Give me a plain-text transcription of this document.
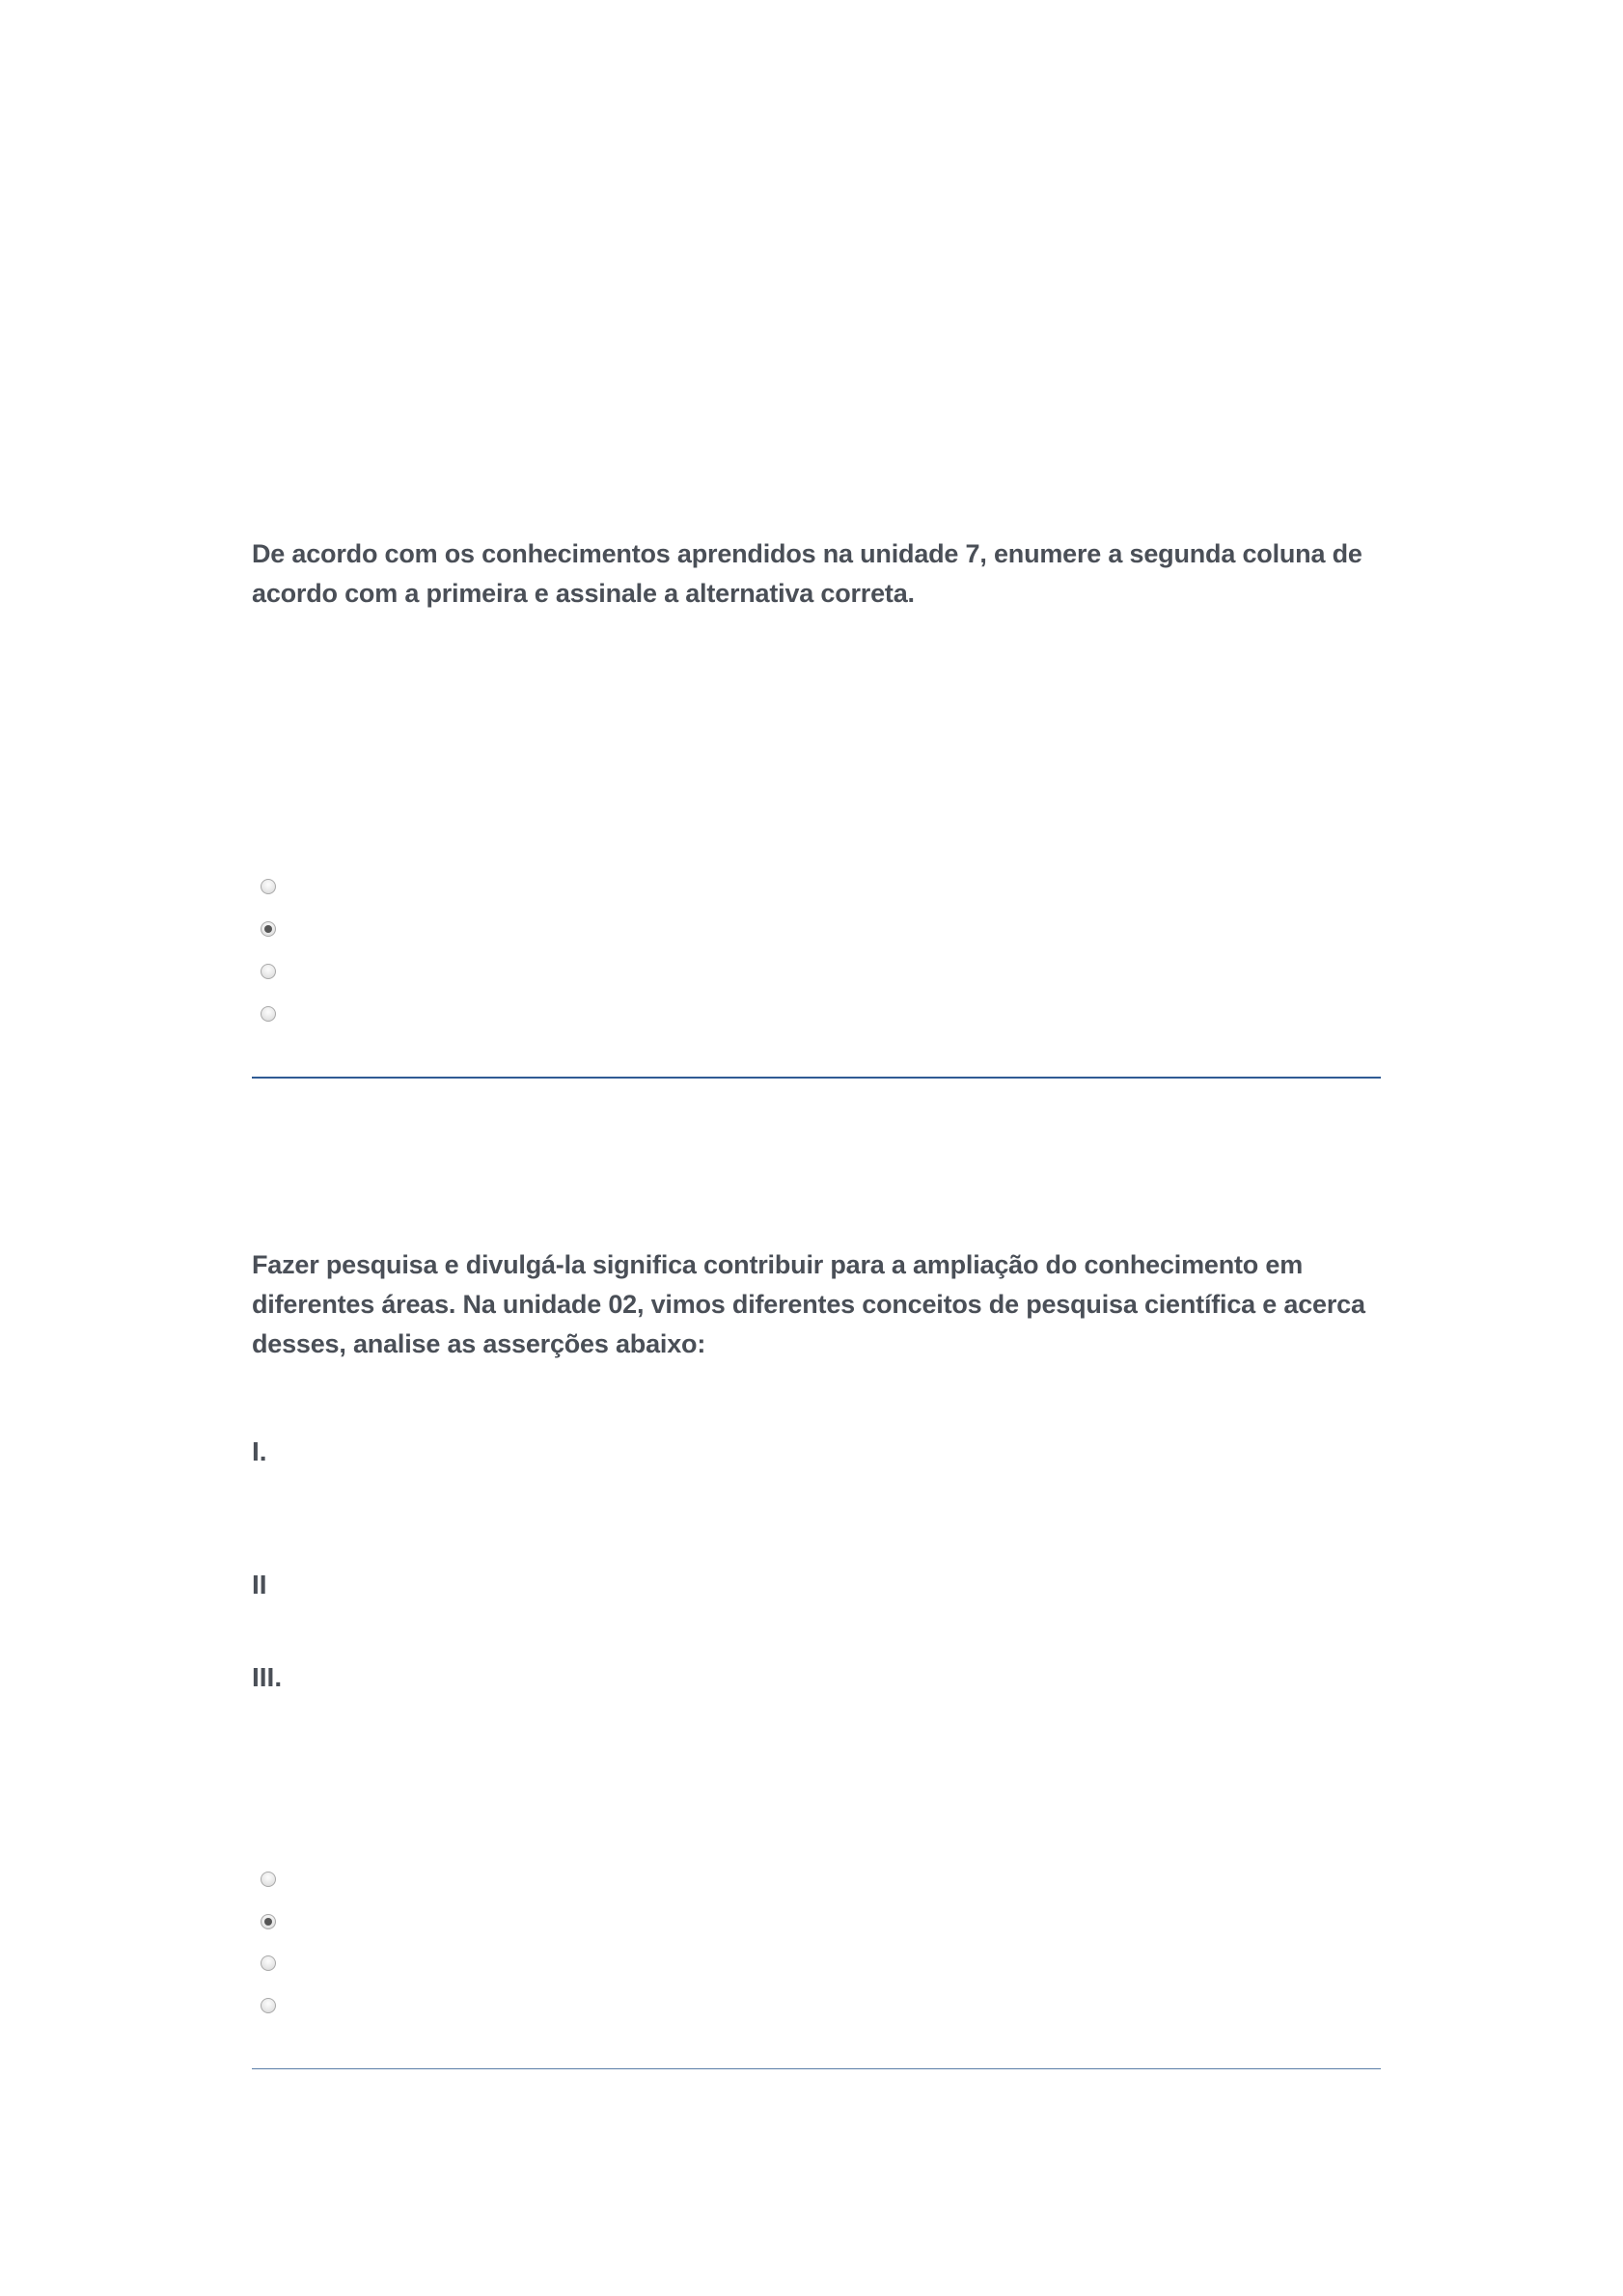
De acordo com os conhecimentos aprendidos na unidade 7, enumere a segunda coluna de acordo com a primeira e assinale a alternativa correta.

Fazer pesquisa e divulgá-la significa contribuir para a ampliação do conhecimento em diferentes áreas. Na unidade 02, vimos diferentes conceitos de pesquisa científica e acerca desses, analise as asserções abaixo:

I.

II

III.
